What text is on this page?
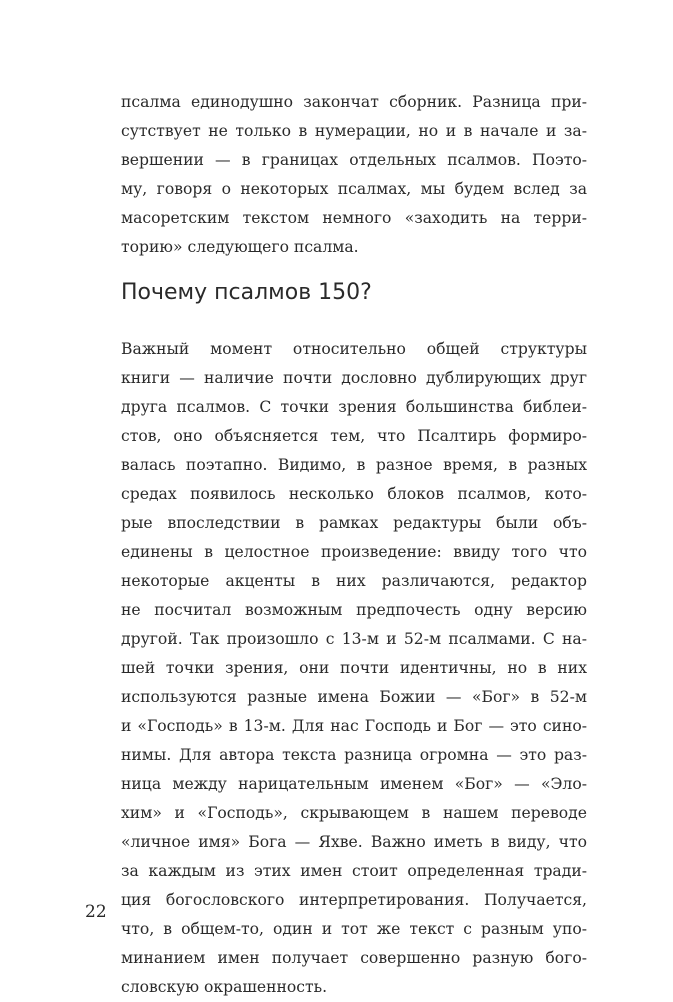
псалма единодушно закончат сборник. Разница при-
сутствует не только в нумерации, но и в начале и за-
вершении — в границах отдельных псалмов. Поэто-
му, говоря о некоторых псалмах, мы будем вслед за
масоретским текстом немного «заходить на терри-
торию» следующего псалма.
Почему псалмов 150?
Важный момент относительно общей структуры
книги — наличие почти дословно дублирующих друг
друга псалмов. С точки зрения большинства библеи-
стов, оно объясняется тем, что Псалтирь формиро-
валась поэтапно. Видимо, в разное время, в разных
средах появилось несколько блоков псалмов, кото-
рые впоследствии в рамках редактуры были объ-
единены в целостное произведение: ввиду того что
некоторые акценты в них различаются, редактор
не посчитал возможным предпочесть одну версию
другой. Так произошло с 13-м и 52-м псалмами. С на-
шей точки зрения, они почти идентичны, но в них
используются разные имена Божии — «Бог» в 52-м
и «Господь» в 13-м. Для нас Господь и Бог — это сино-
нимы. Для автора текста разница огромна — это раз-
ница между нарицательным именем «Бог» — «Эло-
хим» и «Господь», скрывающем в нашем переводе
«личное имя» Бога — Яхве. Важно иметь в виду, что
за каждым из этих имен стоит определенная тради-
ция богословского интерпретирования. Получается,
что, в общем-то, один и тот же текст с разным упо-
минанием имен получает совершенно разную бого-
словскую окрашенность.
22
